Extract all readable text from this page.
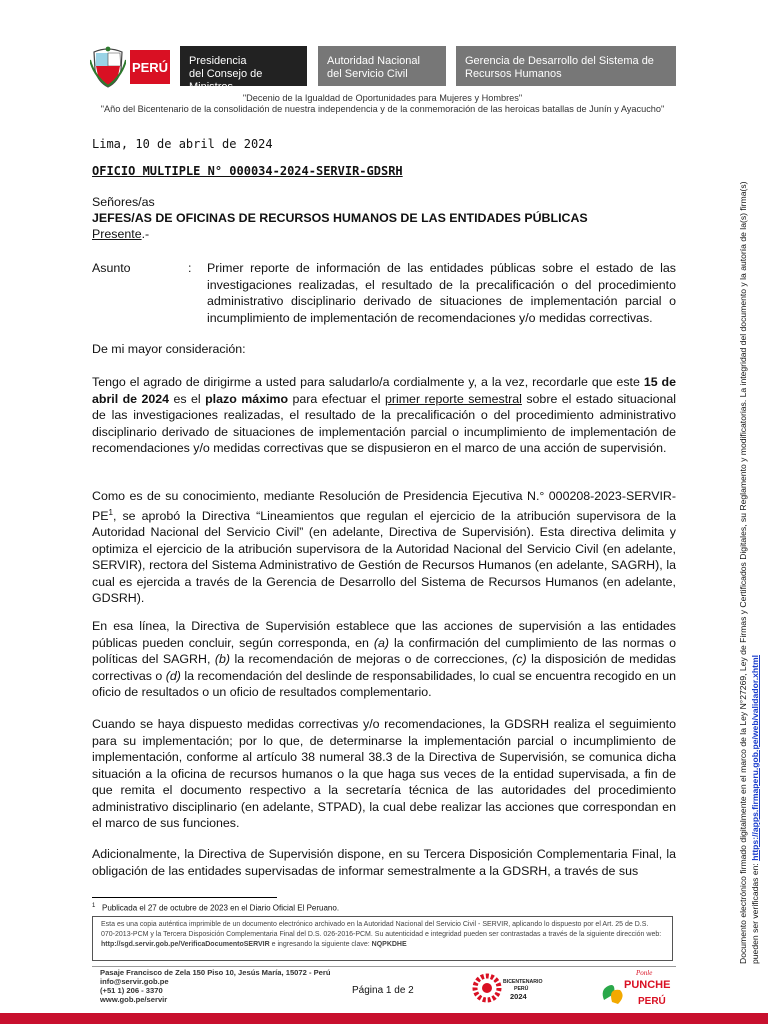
PERÚ Presidencia
del Consejo de Ministros
Autoridad Nacional
del Servicio Civil
Gerencia de Desarrollo del Sistema de
Recursos Humanos
"Decenio de la Igualdad de Oportunidades para Mujeres y Hombres"
"Año del Bicentenario de la consolidación de nuestra independencia y de la conmemoración de las heroicas batallas de Junín y Ayacucho"
Lima, 10 de abril de 2024
OFICIO MULTIPLE N° 000034-2024-SERVIR-GDSRH
Señores/as
JEFES/AS DE OFICINAS DE RECURSOS HUMANOS DE LAS ENTIDADES PÚBLICAS
Presente.-
Asunto	: Primer reporte de información de las entidades públicas sobre el estado de las investigaciones realizadas, el resultado de la precalificación o del procedimiento administrativo disciplinario derivado de situaciones de implementación parcial o incumplimiento de implementación de recomendaciones y/o medidas correctivas.
De mi mayor consideración:
Tengo el agrado de dirigirme a usted para saludarlo/a cordialmente y, a la vez, recordarle que este 15 de abril de 2024 es el plazo máximo para efectuar el primer reporte semestral sobre el estado situacional de las investigaciones realizadas, el resultado de la precalificación o del procedimiento administrativo disciplinario derivado de situaciones de implementación parcial o incumplimiento de implementación de recomendaciones y/o medidas correctivas que se dispusieron en el marco de una acción de supervisión.
Como es de su conocimiento, mediante Resolución de Presidencia Ejecutiva N.° $000208-2023-SERVIR-PE^1$, se aprobó la Directiva “Lineamientos que regulan el ejercicio de la atribución supervisora de la Autoridad Nacional del Servicio Civil” (en adelante, Directiva de Supervisión). Esta directiva delimita y optimiza el ejercicio de la atribución supervisora de la Autoridad Nacional del Servicio Civil (en adelante, SERVIR), rectora del Sistema Administrativo de Gestión de Recursos Humanos (en adelante, SAGRH), la cual es ejercida a través de la Gerencia de Desarrollo del Sistema de Recursos Humanos (en adelante, GDSRH).
En esa línea, la Directiva de Supervisión establece que las acciones de supervisión a las entidades públicas pueden concluir, según corresponda, en (a) la confirmación del cumplimiento de las normas o políticas del SAGRH, (b) la recomendación de mejoras o de correcciones, (c) la disposición de medidas correctivas o (d) la recomendación del deslinde de responsabilidades, lo cual se encuentra recogido en un oficio de resultados o un oficio de resultados complementario.
Cuando se haya dispuesto medidas correctivas y/o recomendaciones, la GDSRH realiza el seguimiento para su implementación; por lo que, de determinarse la implementación parcial o incumplimiento de implementación, conforme al artículo 38 numeral 38.3 de la Directiva de Supervisión, se comunica dicha situación a la oficina de recursos humanos o la que haga sus veces de la entidad supervisada, a fin de que remita el documento respectivo a la secretaría técnica de las autoridades del procedimiento administrativo disciplinario (en adelante, STPAD), la cual debe realizar las acciones que correspondan en el marco de sus funciones.
Adicionalmente, la Directiva de Supervisión dispone, en su Tercera Disposición Complementaria Final, la obligación de las entidades supervisadas de informar semestralmente a la GDSRH, a través de sus
$^1$ Publicada el 27 de octubre de 2023 en el Diario Oficial El Peruano.
Esta es una copia auténtica imprimible de un documento electrónico archivado en la Autoridad Nacional del Servicio Civil - SERVIR, aplicando lo dispuesto por el Art. 25 de D.S. 070-2013-PCM y la Tercera Disposición Complementaria Final del D.S. 026-2016-PCM. Su autenticidad e integridad pueden ser contrastadas a través de la siguiente dirección web: http://sgd.servir.gob.pe/VerificaDocumentoSERVIR e ingresando la siguiente clave: NQPKDHE
Pasaje Francisco de Zela 150 Piso 10, Jesús María, 15072 - Perú
info@servir.gob.pe
(+51 1) 206 - 3370
www.gob.pe/servir
Página 1 de 2
BICENTENARIO
PERÚ
2024
Ponle
PUNCHE
PERÚ
Documento electrónico firmado digitalmente en el marco de la Ley N°27269, Ley de Firmas y Certificados Digitales, su Reglamento y modificatorias. La integridad del documento y la autoría de la(s) firma(s) pueden ser verificadas en: https://apps.firmaperu.gob.pe/web/validador.xhtml
